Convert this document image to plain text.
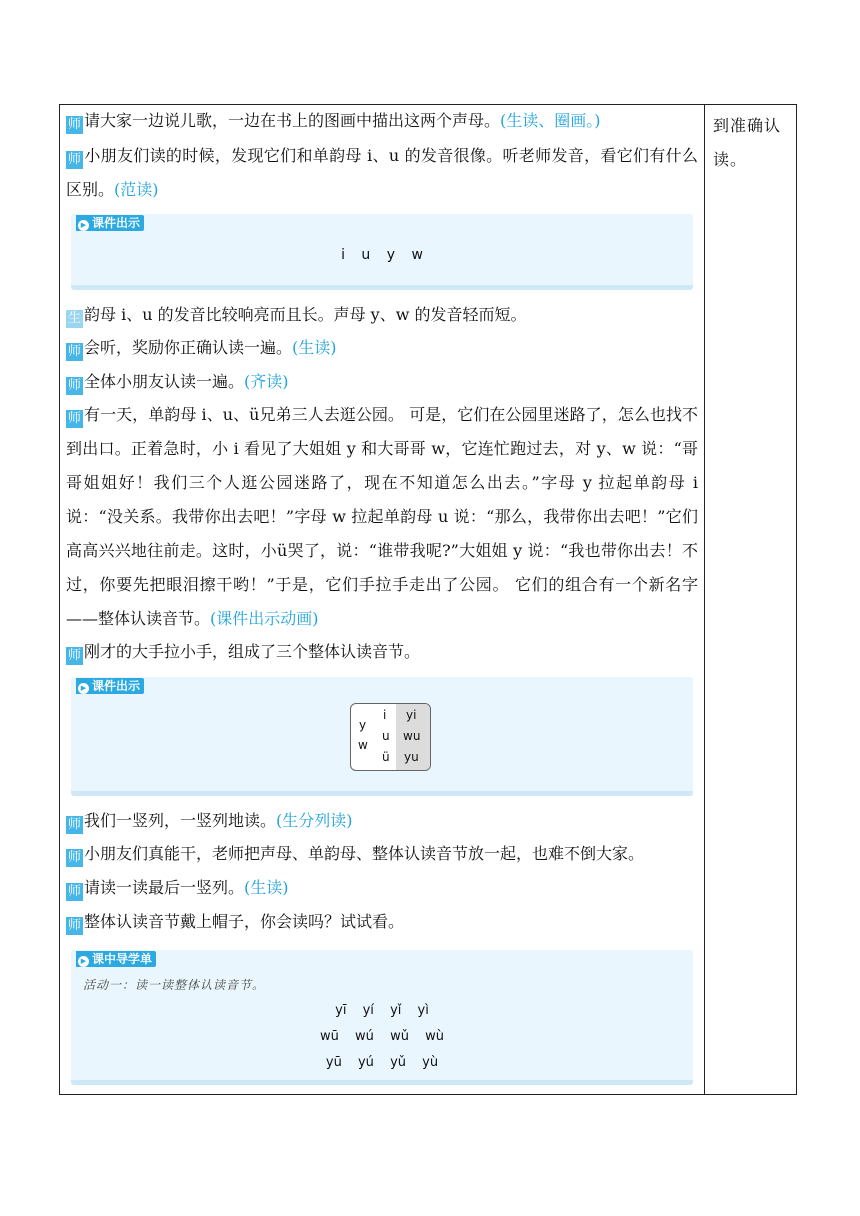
到准确认读。
师 请大家一边说儿歌，一边在书上的图画中描出这两个声母。(生读、圈画。)
师 小朋友们读的时候，发现它们和单韵母 i、u 的发音很像。听老师发音，看它们有什么区别。(范读)
▶ 课件出示
i u y w
生 韵母 i、u 的发音比较响亮而且长。声母 y、w 的发音轻而短。
师 会听，奖励你正确认读一遍。(生读)
师 全体小朋友认读一遍。(齐读)
师 有一天，单韵母 i、u、ü兄弟三人去逛公园。 可是，它们在公园里迷路了，怎么也找不到出口。正着急时，小 i 看见了大姐姐 y 和大哥哥 w，它连忙跑过去，对 y、w 说：“哥哥姐姐好！我们三个人逛公园迷路了，现在不知道怎么出去。”字母 y 拉起单韵母 i 说：“没关系。我带你出去吧！”字母 w 拉起单韵母 u 说：“那么，我带你出去吧！”它们高高兴兴地往前走。这时，小ü哭了，说：“谁带我呢?”大姐姐 y 说：“我也带你出去！不过，你要先把眼泪擦干哟！”于是，它们手拉手走出了公园。 它们的组合有一个新名字——整体认读音节。(课件出示动画)
师 刚才的大手拉小手，组成了三个整体认读音节。
▶ 课件出示
y
w
i
u
ü
yi
wu
yu
师 我们一竖列，一竖列地读。(生分列读)
师 小朋友们真能干，老师把声母、单韵母、整体认读音节放一起，也难不倒大家。
师 请读一读最后一竖列。(生读)
师 整体认读音节戴上帽子，你会读吗？试试看。
▶ 课中导学单
活动一：读一读整体认读音节。
yī yí yǐ yì
wū wú wǔ wù
yū yú yǔ yù
